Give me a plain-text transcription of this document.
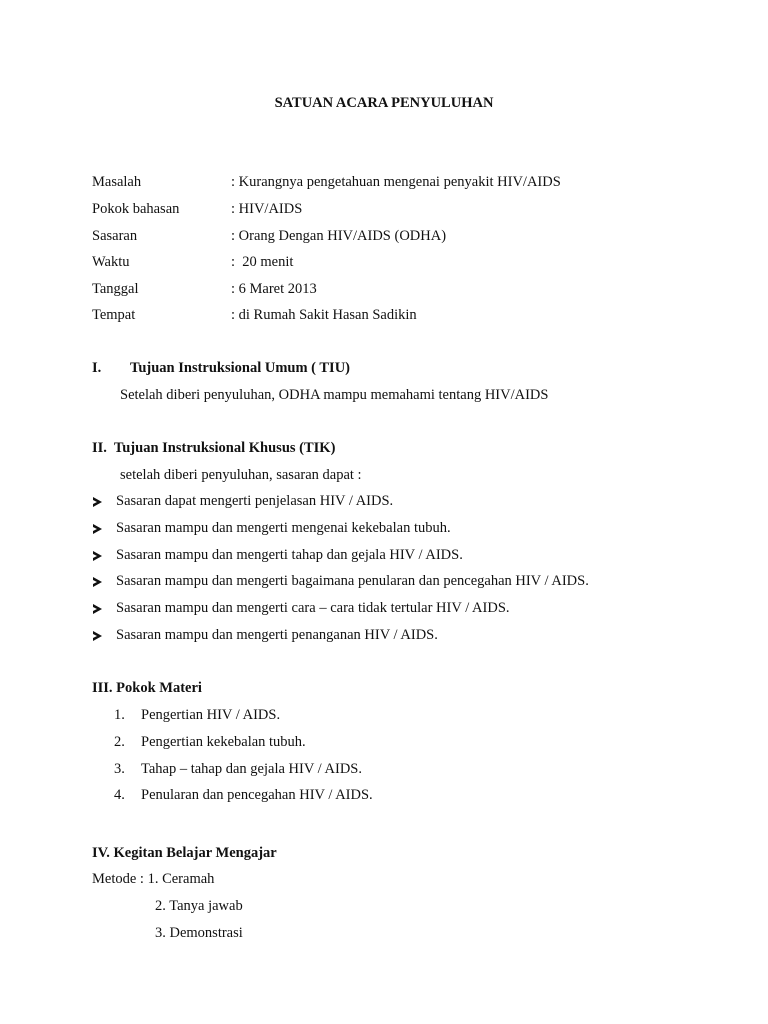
SATUAN ACARA PENYULUHAN
Masalah	: Kurangnya pengetahuan mengenai penyakit HIV/AIDS
Pokok bahasan	: HIV/AIDS
Sasaran	: Orang Dengan HIV/AIDS (ODHA)
Waktu	:  20 menit
Tanggal	: 6 Maret 2013
Tempat	: di Rumah Sakit Hasan Sadikin
I. Tujuan Instruksional Umum ( TIU)
Setelah diberi penyuluhan, ODHA mampu memahami tentang HIV/AIDS
II.  Tujuan Instruksional Khusus (TIK)
setelah diberi penyuluhan, sasaran dapat :
Sasaran dapat mengerti penjelasan HIV / AIDS.
Sasaran mampu dan mengerti mengenai kekebalan tubuh.
Sasaran mampu dan mengerti tahap dan gejala HIV / AIDS.
Sasaran mampu dan mengerti bagaimana penularan dan pencegahan HIV / AIDS.
Sasaran mampu dan mengerti cara – cara tidak tertular HIV / AIDS.
Sasaran mampu dan mengerti penanganan HIV / AIDS.
III. Pokok Materi
1. Pengertian HIV / AIDS.
2. Pengertian kekebalan tubuh.
3. Tahap – tahap dan gejala HIV / AIDS.
4. Penularan dan pencegahan HIV / AIDS.
IV. Kegitan Belajar Mengajar
Metode : 1. Ceramah
2. Tanya jawab
3. Demonstrasi
